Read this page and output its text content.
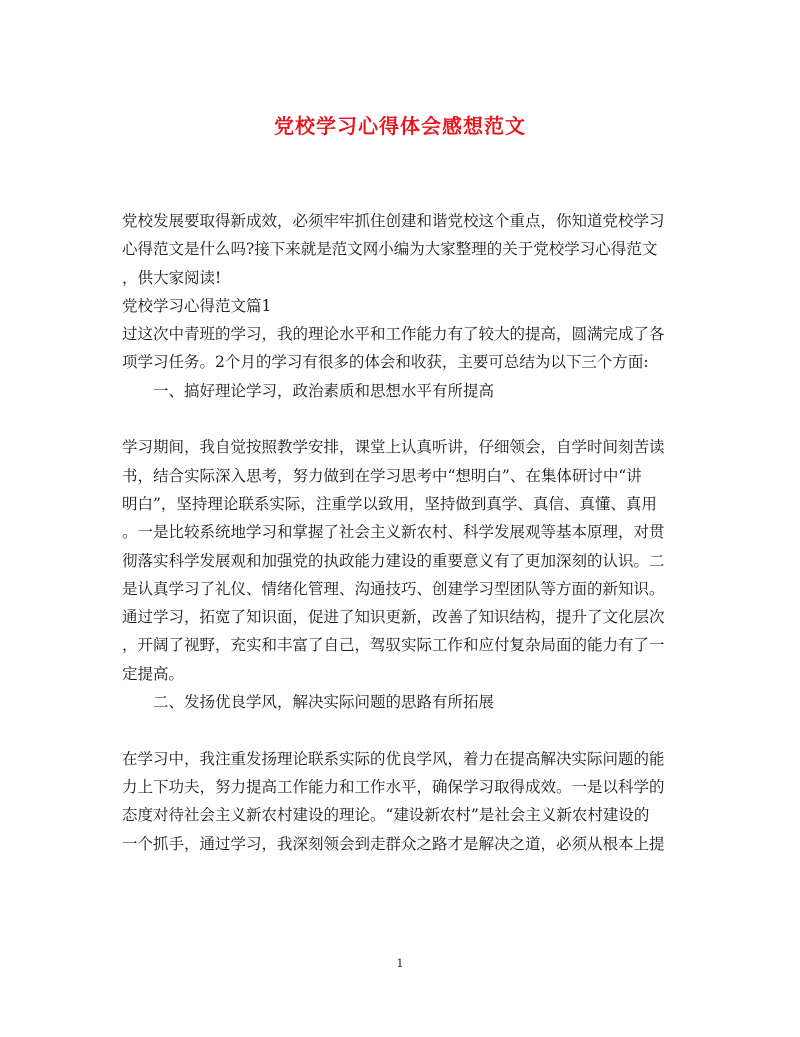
党校学习心得体会感想范文
党校发展要取得新成效，必须牢牢抓住创建和谐党校这个重点，你知道党校学习
心得范文是什么吗?接下来就是范文网小编为大家整理的关于党校学习心得范文
，供大家阅读!
党校学习心得范文篇1
过这次中青班的学习，我的理论水平和工作能力有了较大的提高，圆满完成了各
项学习任务。2个月的学习有很多的体会和收获，主要可总结为以下三个方面:
一、搞好理论学习，政治素质和思想水平有所提高
学习期间，我自觉按照教学安排，课堂上认真听讲，仔细领会，自学时间刻苦读
书，结合实际深入思考，努力做到在学习思考中“想明白”、在集体研讨中“讲
明白”，坚持理论联系实际，注重学以致用，坚持做到真学、真信、真懂、真用
。一是比较系统地学习和掌握了社会主义新农村、科学发展观等基本原理，对贯
彻落实科学发展观和加强党的执政能力建设的重要意义有了更加深刻的认识。二
是认真学习了礼仪、情绪化管理、沟通技巧、创建学习型团队等方面的新知识。
通过学习，拓宽了知识面，促进了知识更新，改善了知识结构，提升了文化层次
，开阔了视野，充实和丰富了自己，驾驭实际工作和应付复杂局面的能力有了一
定提高。
二、发扬优良学风，解决实际问题的思路有所拓展
在学习中，我注重发扬理论联系实际的优良学风，着力在提高解决实际问题的能
力上下功夫，努力提高工作能力和工作水平，确保学习取得成效。一是以科学的
态度对待社会主义新农村建设的理论。“建设新农村”是社会主义新农村建设的
一个抓手，通过学习，我深刻领会到走群众之路才是解决之道，必须从根本上提
1
